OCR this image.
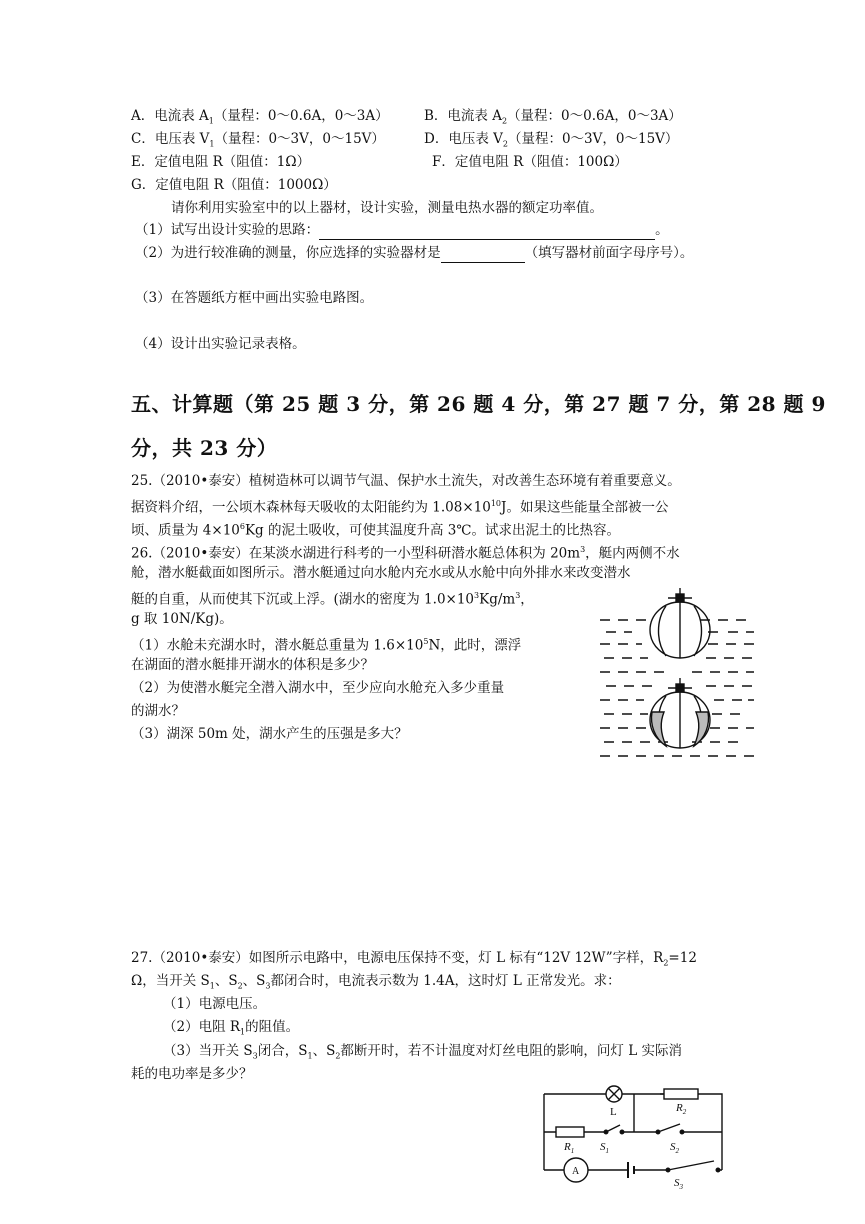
A．电流表 $A_1$（量程：0～0.6A，0～3A）	B．电流表 $A_2$（量程：0～0.6A，0～3A）
C．电压表 $V_1$（量程：0～3V，0～15V）	D．电压表 $V_2$（量程：0～3V，0～15V）
E．定值电阻 R（阻值：1Ω）	F．定值电阻 R（阻值：100Ω）
G．定值电阻 R（阻值：1000Ω）
请你利用实验室中的以上器材，设计实验，测量电热水器的额定功率值。
（1）试写出设计实验的思路：	。
（2）为进行较准确的测量，你应选择的实验器材是	（填写器材前面字母序号）。
（3）在答题纸方框中画出实验电路图。
（4）设计出实验记录表格。
五、计算题（第 25 题 3 分，第 26 题 4 分，第 27 题 7 分，第 28 题 9
分，共 23 分）
25.（2010•泰安）植树造林可以调节气温、保护水土流失，对改善生态环境有着重要意义。
据资料介绍，一公顷木森林每天吸收的太阳能约为 $1.08\times 10^{10}J$。如果这些能量全部被一公
顷、质量为 $4\times 10^6Kg$ 的泥土吸收，可使其温度升高 3℃。试求出泥土的比热容。
26.（2010•泰安）在某淡水湖进行科考的一小型科研潜水艇总体积为 $20m^3$，艇内两侧不水
舱，潜水艇截面如图所示。潜水艇通过向水舱内充水或从水舱中向外排水来改变潜水
艇的自重，从而使其下沉或上浮。(湖水的密度为 $1.0\times 10^3Kg/m^3$，
g 取 10N/Kg)。
（1）水舱未充湖水时，潜水艇总重量为 $1.6\times 10^5N$，此时，漂浮
在湖面的潜水艇排开湖水的体积是多少？
（2）为使潜水艇完全潜入湖水中，至少应向水舱充入多少重量
的湖水？
（3）湖深 50m 处，湖水产生的压强是多大？
27.（2010•泰安）如图所示电路中，电源电压保持不变，灯 L 标有“12V 12W”字样，$R_2=12$
Ω，当开关 $S_1$、$S_2$、$S_3$都闭合时，电流表示数为 1.4A，这时灯 L 正常发光。求：
（1）电源电压。
（2）电阻 $R_1$的阻值。
（3）当开关 $S_3$闭合，$S_1$、$S_2$都断开时，若不计温度对灯丝电阻的影响，问灯 L 实际消
耗的电功率是多少？
L	$R_2$
$R_1$ $S_1$	$S_2$
$S_3$
A
